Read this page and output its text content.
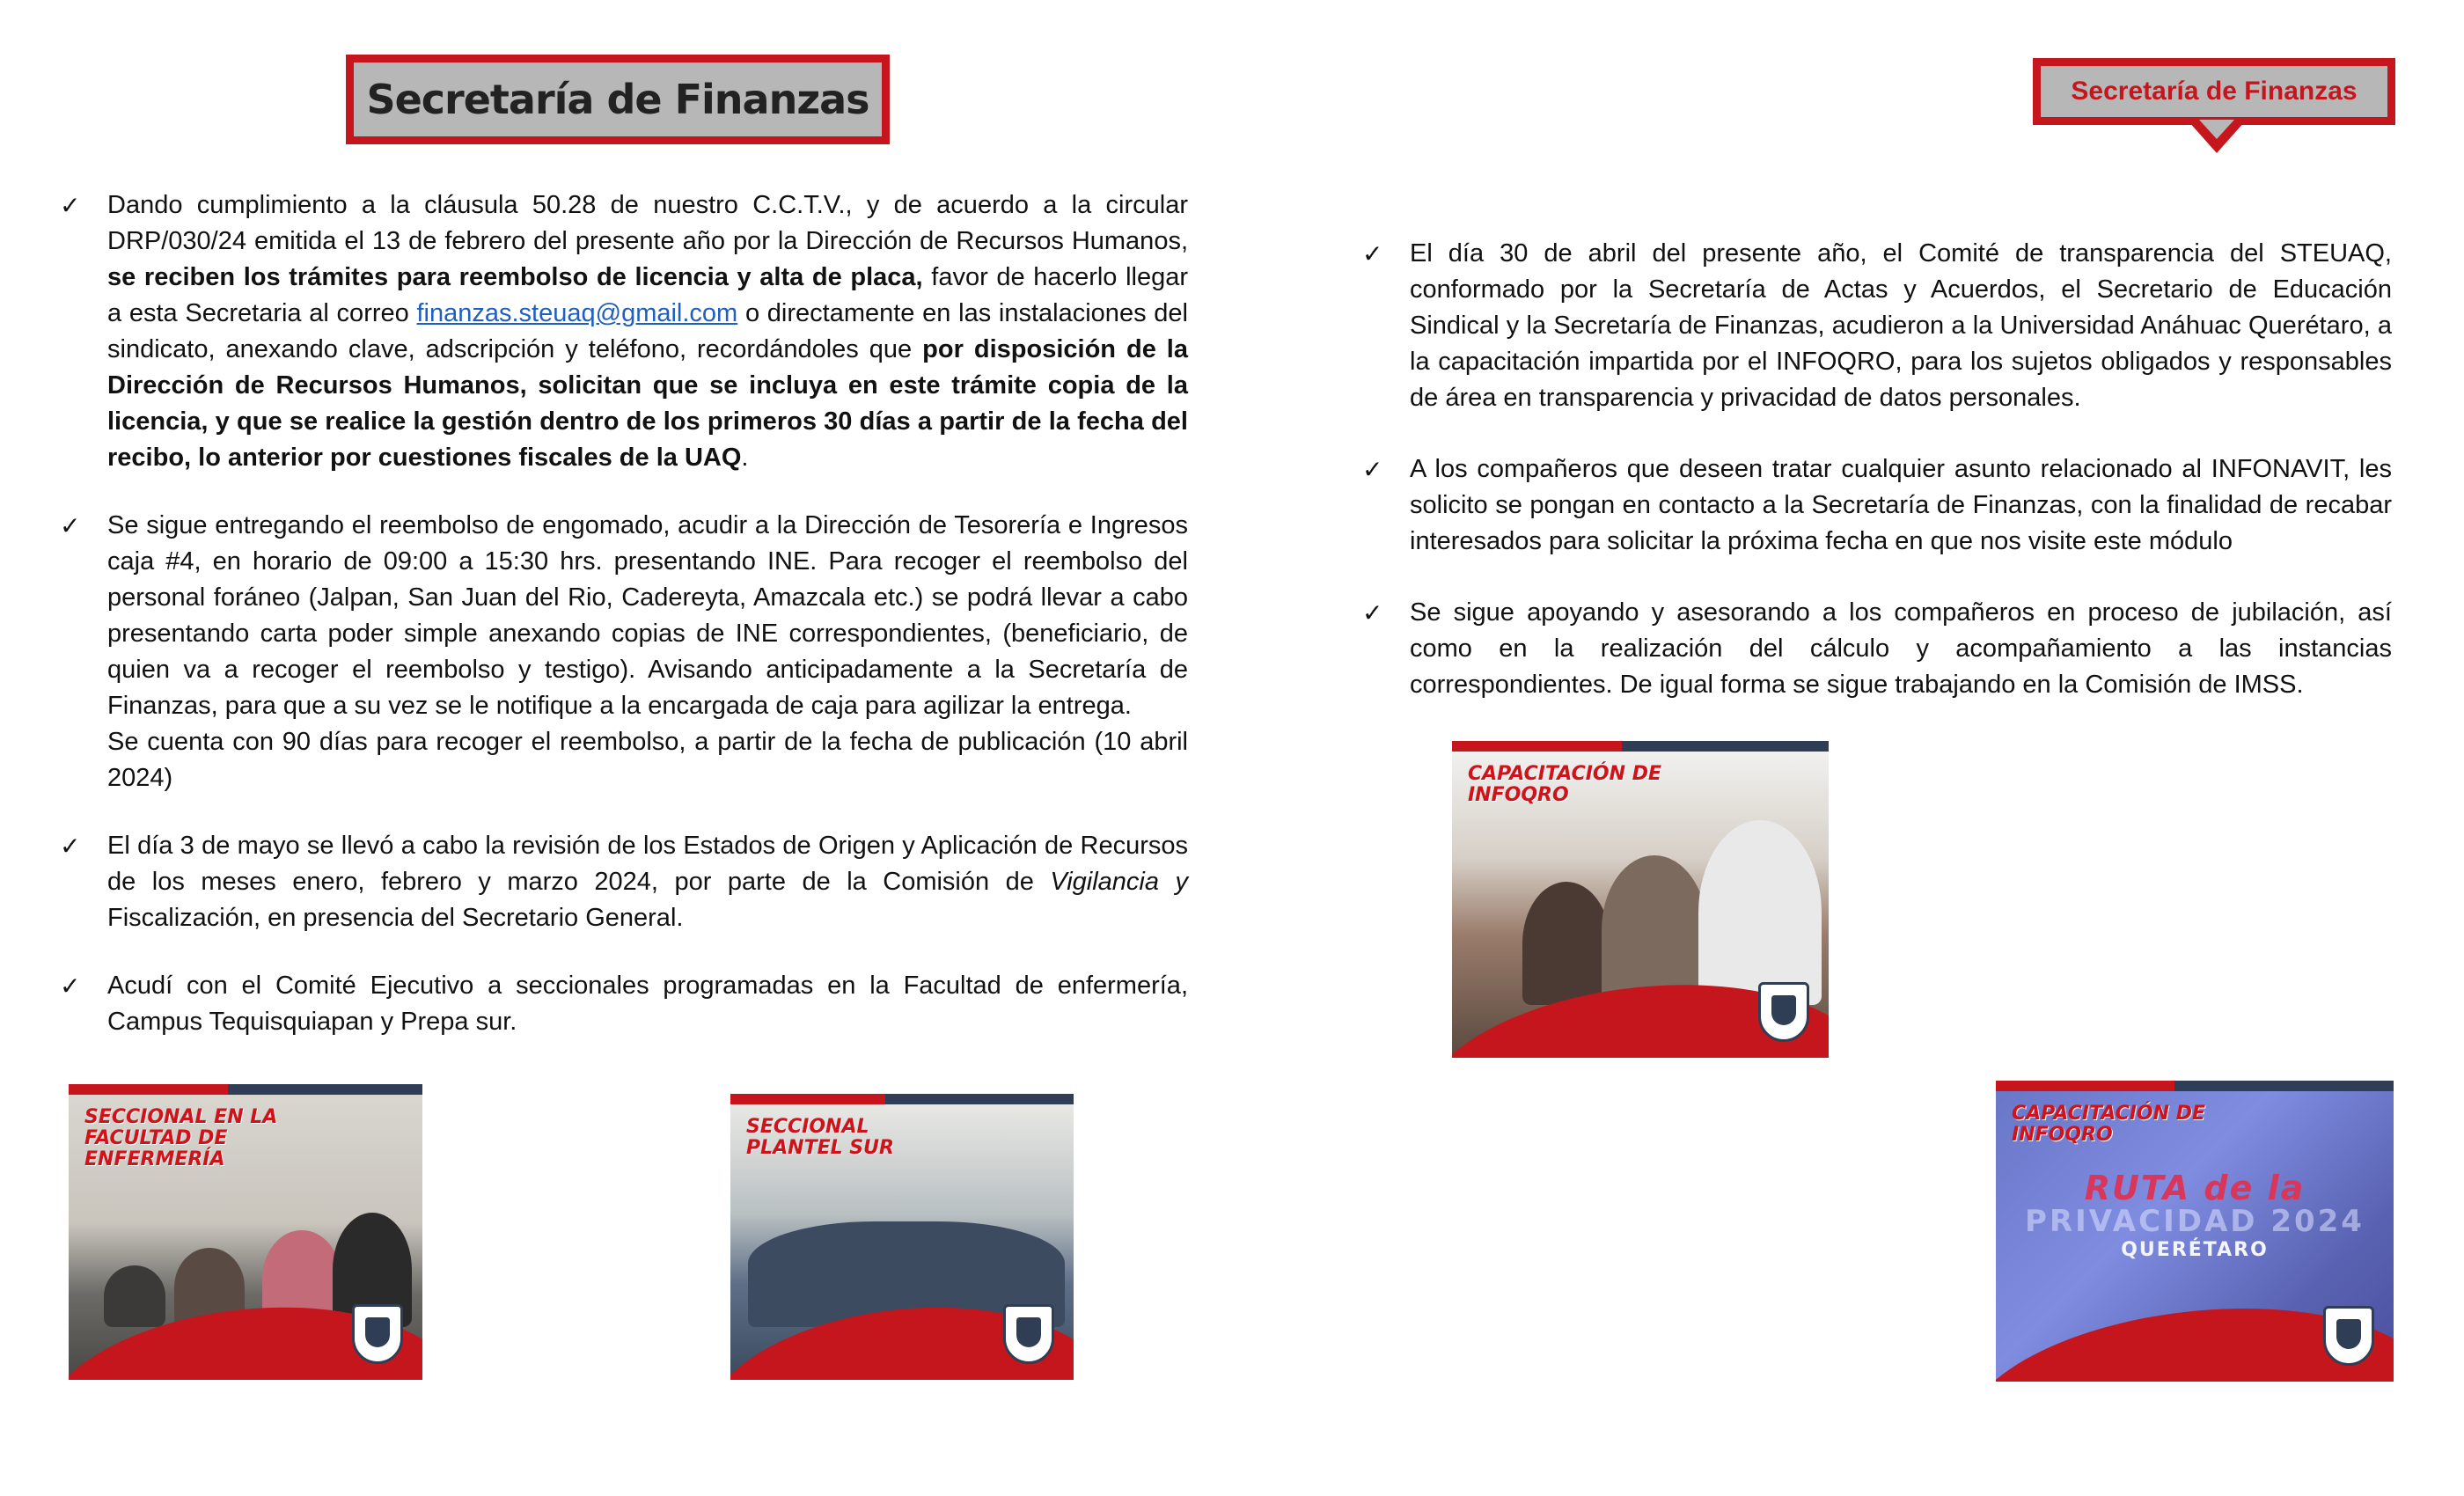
Secretaría de Finanzas	Secretaría de Finanzas
✓ Dando cumplimiento a la cláusula 50.28 de nuestro C.C.T.V., y de acuerdo a la circular DRP/030/24 emitida el 13 de febrero del presente año por la Dirección de Recursos Humanos, se reciben los trámites para reembolso de licencia y alta de placa, favor de hacerlo llegar a esta Secretaria al correo finanzas.steuaq@gmail.com o directamente en las instalaciones del sindicato, anexando clave, adscripción y teléfono, recordándoles que por disposición de la Dirección de Recursos Humanos, solicitan que se incluya en este trámite copia de la licencia, y que se realice la gestión dentro de los primeros 30 días a partir de la fecha del recibo, lo anterior por cuestiones fiscales de la UAQ.

✓ Se sigue entregando el reembolso de engomado, acudir a la Dirección de Tesorería e Ingresos caja #4, en horario de 09:00 a 15:30 hrs. presentando INE. Para recoger el reembolso del personal foráneo (Jalpan, San Juan del Rio, Cadereyta, Amazcala etc.) se podrá llevar a cabo presentando carta poder simple anexando copias de INE correspondientes, (beneficiario, de quien va a recoger el reembolso y testigo). Avisando anticipadamente a la Secretaría de Finanzas, para que a su vez se le notifique a la encargada de caja para agilizar la entrega.

Se cuenta con 90 días para recoger el reembolso, a partir de la fecha de publicación (10 abril 2024)

✓ El día 3 de mayo se llevó a cabo la revisión de los Estados de Origen y Aplicación de Recursos de los meses enero, febrero y marzo 2024, por parte de la Comisión de Vigilancia y Fiscalización, en presencia del Secretario General.

✓ Acudí con el Comité Ejecutivo a seccionales programadas en la Facultad de enfermería, Campus Tequisquiapan y Prepa sur.

✓ El día 30 de abril del presente año, el Comité de transparencia del STEUAQ, conformado por la Secretaría de Actas y Acuerdos, el Secretario de Educación Sindical y la Secretaría de Finanzas, acudieron a la Universidad Anáhuac Querétaro, a la capacitación impartida por el INFOQRO, para los sujetos obligados y responsables de área en transparencia y privacidad de datos personales.

✓ A los compañeros que deseen tratar cualquier asunto relacionado al INFONAVIT, les solicito se pongan en contacto a la Secretaría de Finanzas, con la finalidad de recabar interesados para solicitar la próxima fecha en que nos visite este módulo

✓ Se sigue apoyando y asesorando a los compañeros en proceso de jubilación, así como en la realización del cálculo y acompañamiento a las instancias correspondientes. De igual forma se sigue trabajando en la Comisión de IMSS.

SECCIONAL EN LA FACULTAD DE ENFERMERÍA
SECCIONAL PLANTEL SUR
CAPACITACIÓN DE INFOQRO
RUTA de la
PRIVACIDAD 2024
QUERÉTARO
CAPACITACIÓN DE INFOQRO
